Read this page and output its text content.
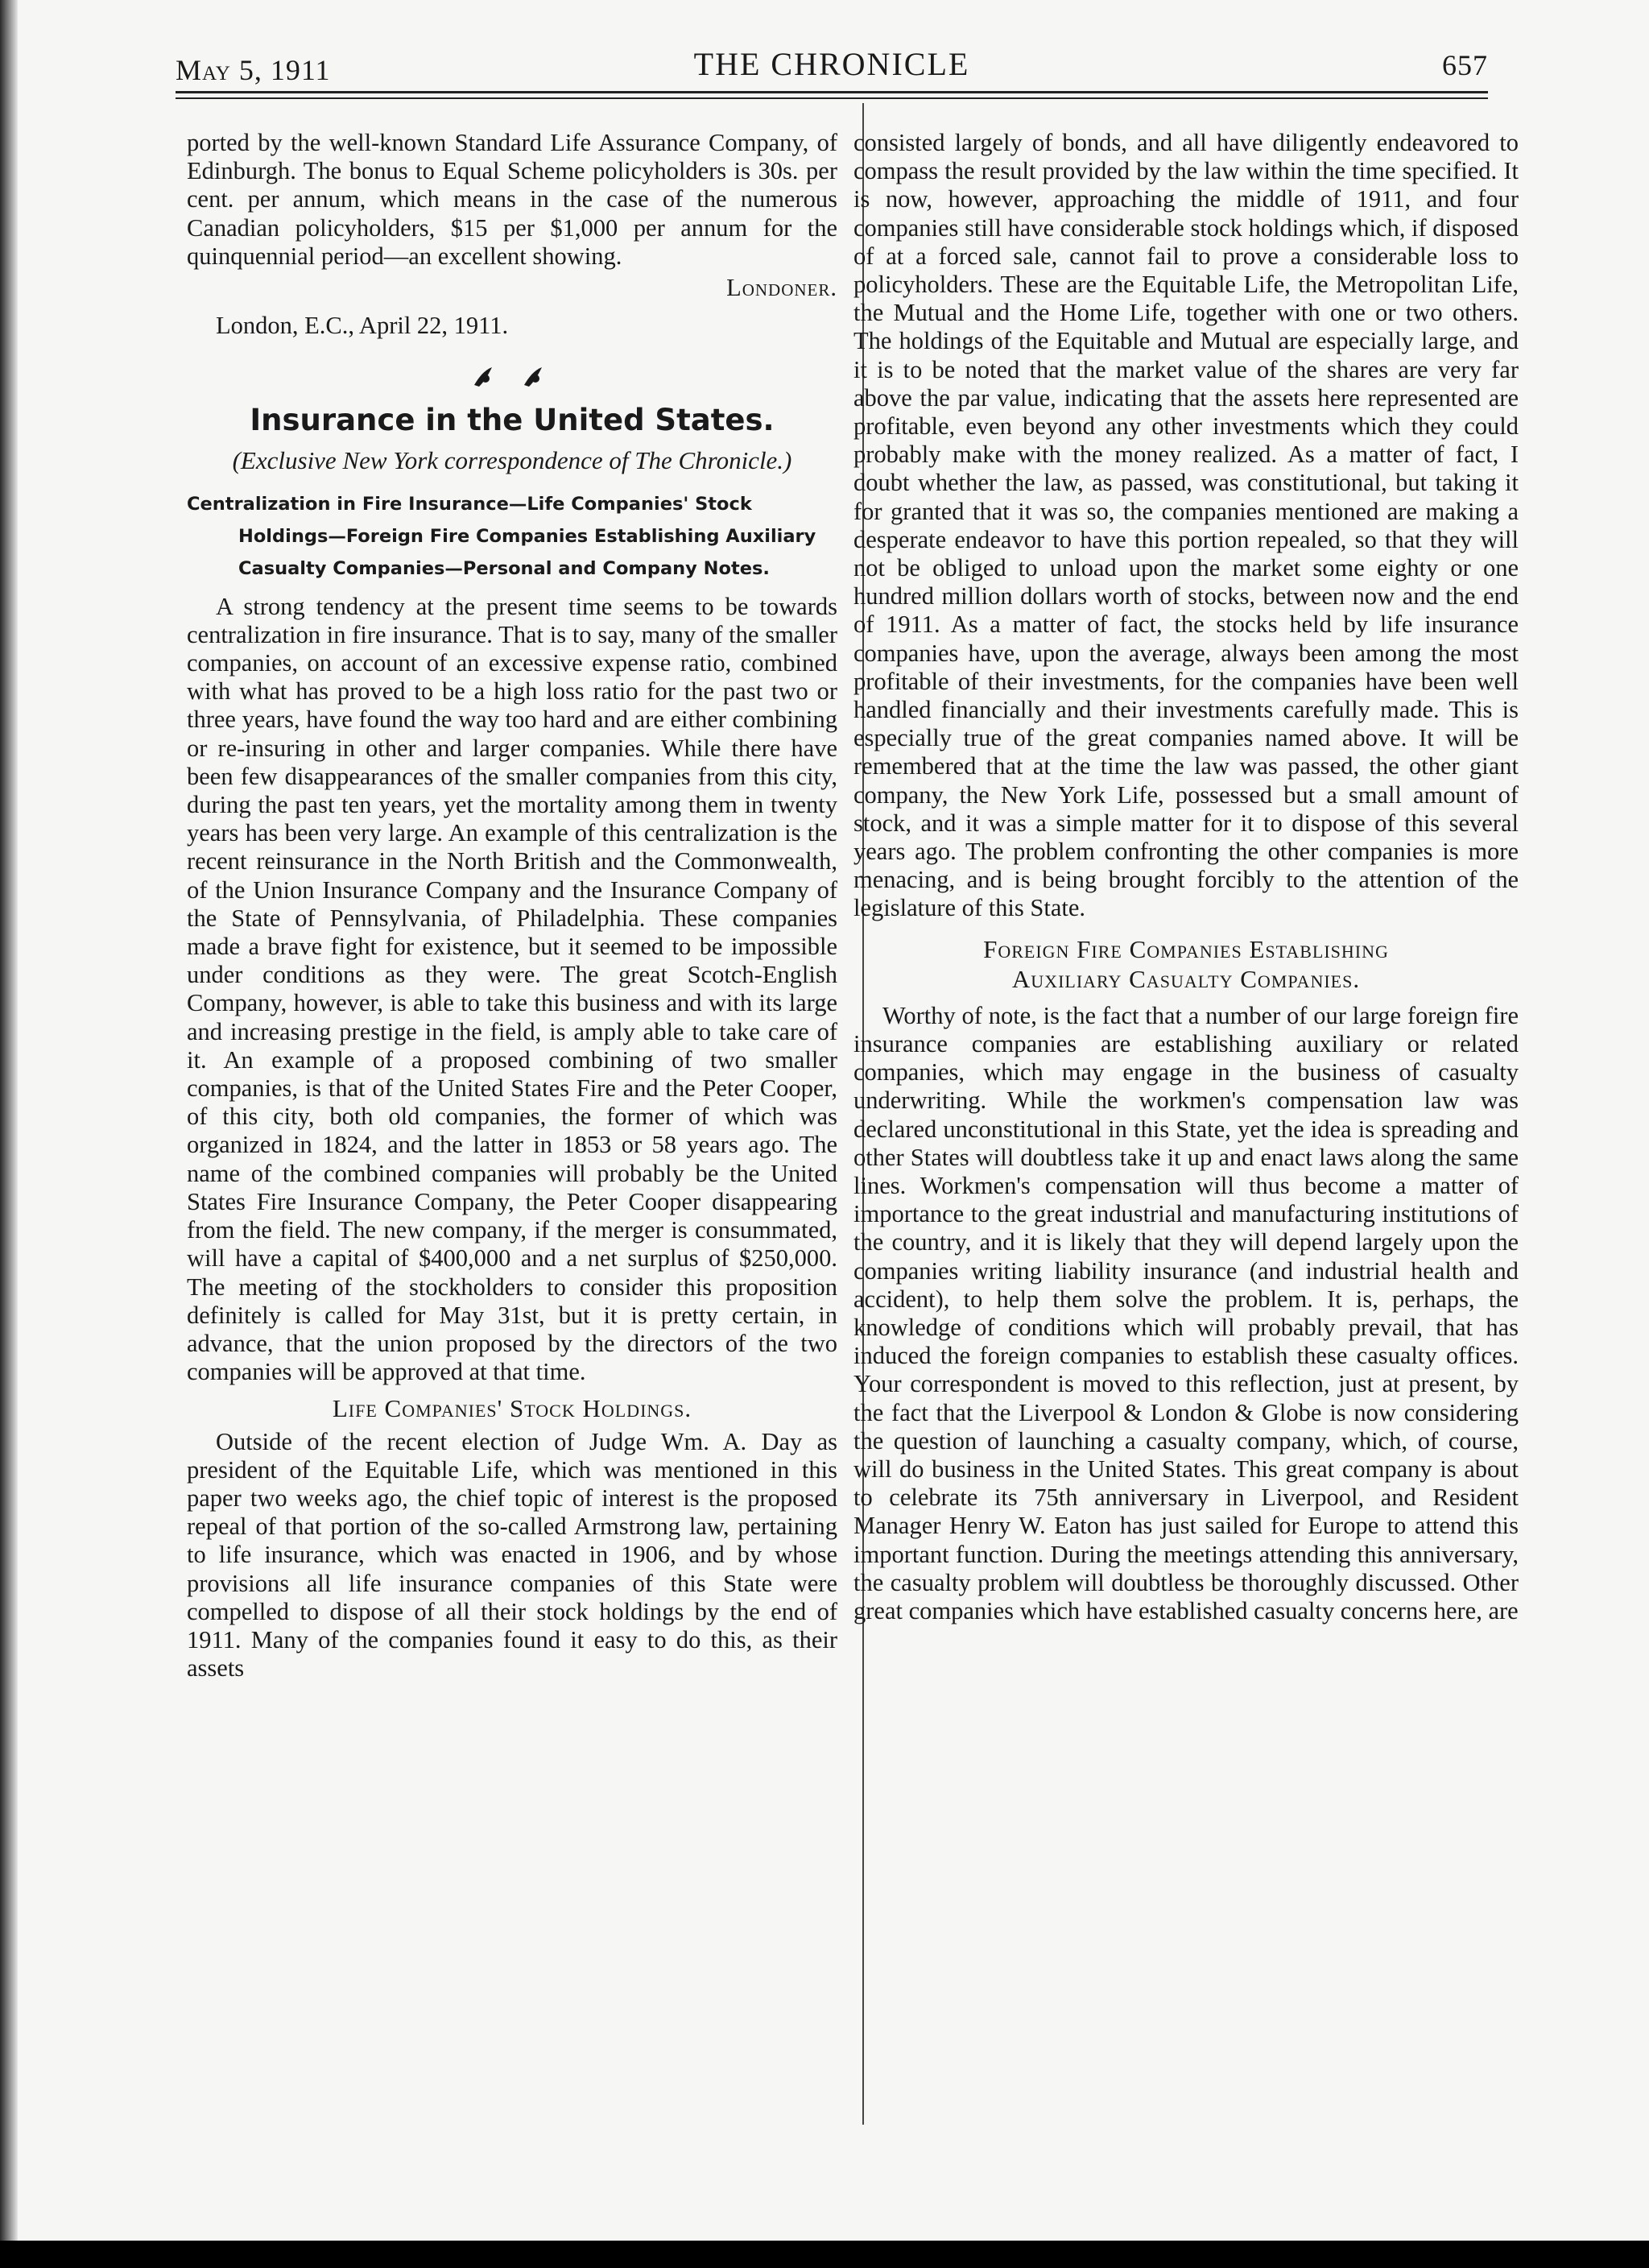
May 5, 1911	THE CHRONICLE	657

ported by the well-known Standard Life Assurance Company, of Edinburgh. The bonus to Equal Scheme policyholders is 30s. per cent. per annum, which means in the case of the numerous Canadian policyholders, $15 per $1,000 per annum for the quinquennial period—an excellent showing.

Londoner.

London, E.C., April 22, 1911.

Insurance in the United States.

(Exclusive New York correspondence of The Chronicle.)

Centralization in Fire Insurance—Life Companies' Stock Holdings—Foreign Fire Companies Establishing Auxiliary Casualty Companies—Personal and Company Notes.

A strong tendency at the present time seems to be towards centralization in fire insurance. That is to say, many of the smaller companies, on account of an excessive expense ratio, combined with what has proved to be a high loss ratio for the past two or three years, have found the way too hard and are either combining or re-insuring in other and larger companies. While there have been few disappearances of the smaller companies from this city, during the past ten years, yet the mortality among them in twenty years has been very large. An example of this centralization is the recent reinsurance in the North British and the Commonwealth, of the Union Insurance Company and the Insurance Company of the State of Pennsylvania, of Philadelphia. These companies made a brave fight for existence, but it seemed to be impossible under conditions as they were. The great Scotch-English Company, however, is able to take this business and with its large and increasing prestige in the field, is amply able to take care of it. An example of a proposed combining of two smaller companies, is that of the United States Fire and the Peter Cooper, of this city, both old companies, the former of which was organized in 1824, and the latter in 1853 or 58 years ago. The name of the combined companies will probably be the United States Fire Insurance Company, the Peter Cooper disappearing from the field. The new company, if the merger is consummated, will have a capital of $400,000 and a net surplus of $250,000. The meeting of the stockholders to consider this proposition definitely is called for May 31st, but it is pretty certain, in advance, that the union proposed by the directors of the two companies will be approved at that time.

Life Companies' Stock Holdings.

Outside of the recent election of Judge Wm. A. Day as president of the Equitable Life, which was mentioned in this paper two weeks ago, the chief topic of interest is the proposed repeal of that portion of the so-called Armstrong law, pertaining to life insurance, which was enacted in 1906, and by whose provisions all life insurance companies of this State were compelled to dispose of all their stock holdings by the end of 1911. Many of the companies found it easy to do this, as their assets

consisted largely of bonds, and all have diligently endeavored to compass the result provided by the law within the time specified. It is now, however, approaching the middle of 1911, and four companies still have considerable stock holdings which, if disposed of at a forced sale, cannot fail to prove a considerable loss to policyholders. These are the Equitable Life, the Metropolitan Life, the Mutual and the Home Life, together with one or two others. The holdings of the Equitable and Mutual are especially large, and it is to be noted that the market value of the shares are very far above the par value, indicating that the assets here represented are profitable, even beyond any other investments which they could probably make with the money realized. As a matter of fact, I doubt whether the law, as passed, was constitutional, but taking it for granted that it was so, the companies mentioned are making a desperate endeavor to have this portion repealed, so that they will not be obliged to unload upon the market some eighty or one hundred million dollars worth of stocks, between now and the end of 1911. As a matter of fact, the stocks held by life insurance companies have, upon the average, always been among the most profitable of their investments, for the companies have been well handled financially and their investments carefully made. This is especially true of the great companies named above. It will be remembered that at the time the law was passed, the other giant company, the New York Life, possessed but a small amount of stock, and it was a simple matter for it to dispose of this several years ago. The problem confronting the other companies is more menacing, and is being brought forcibly to the attention of the legislature of this State.

Foreign Fire Companies Establishing
Auxiliary Casualty Companies.

Worthy of note, is the fact that a number of our large foreign fire insurance companies are establishing auxiliary or related companies, which may engage in the business of casualty underwriting. While the workmen's compensation law was declared unconstitutional in this State, yet the idea is spreading and other States will doubtless take it up and enact laws along the same lines. Workmen's compensation will thus become a matter of importance to the great industrial and manufacturing institutions of the country, and it is likely that they will depend largely upon the companies writing liability insurance (and industrial health and accident), to help them solve the problem. It is, perhaps, the knowledge of conditions which will probably prevail, that has induced the foreign companies to establish these casualty offices. Your correspondent is moved to this reflection, just at present, by the fact that the Liverpool & London & Globe is now considering the question of launching a casualty company, which, of course, will do business in the United States. This great company is about to celebrate its 75th anniversary in Liverpool, and Resident Manager Henry W. Eaton has just sailed for Europe to attend this important function. During the meetings attending this anniversary, the casualty problem will doubtless be thoroughly discussed. Other great companies which have established casualty concerns here, are
